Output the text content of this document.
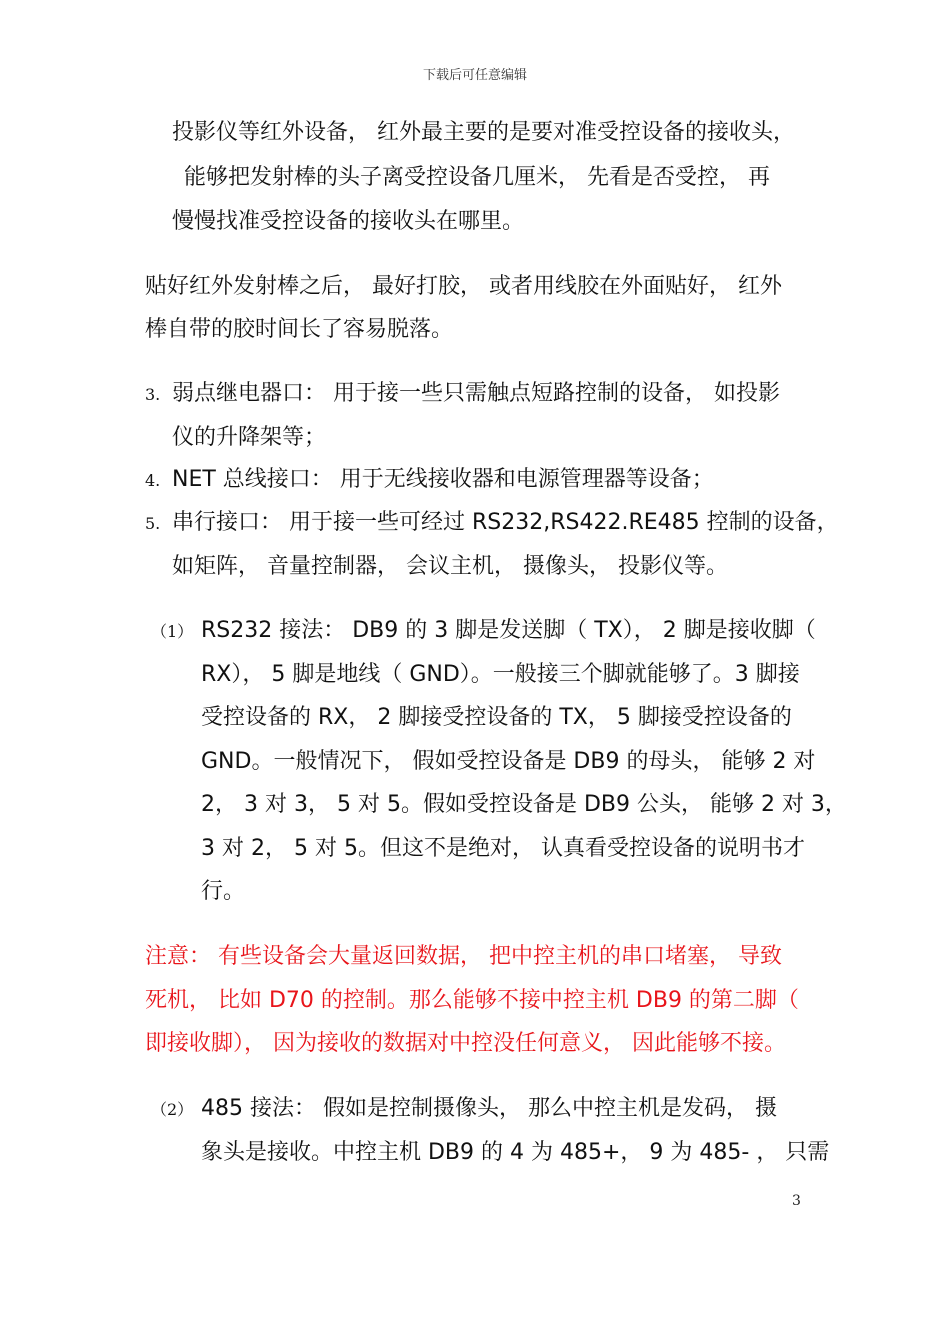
下载后可任意编辑
投影仪等红外设备， 红外最主要的是要对准受控设备的接收头，
能够把发射棒的头子离受控设备几厘米， 先看是否受控， 再
慢慢找准受控设备的接收头在哪里。
贴好红外发射棒之后， 最好打胶， 或者用线胶在外面贴好， 红外
棒自带的胶时间长了容易脱落。
3. 弱点继电器口： 用于接一些只需触点短路控制的设备， 如投影
仪的升降架等；
4. NET 总线接口： 用于无线接收器和电源管理器等设备；
5. 串行接口： 用于接一些可经过 RS232,RS422.RE485 控制的设备，
如矩阵， 音量控制器， 会议主机， 摄像头， 投影仪等。
（1） RS232 接法： DB9 的 3 脚是发送脚（ TX）， 2 脚是接收脚（
RX）， 5 脚是地线（ GND）。一般接三个脚就能够了。3 脚接
受控设备的 RX， 2 脚接受控设备的 TX， 5 脚接受控设备的
GND。一般情况下， 假如受控设备是 DB9 的母头， 能够 2 对
2， 3 对 3， 5 对 5。假如受控设备是 DB9 公头， 能够 2 对 3，
3 对 2， 5 对 5。但这不是绝对， 认真看受控设备的说明书才
行。
注意： 有些设备会大量返回数据， 把中控主机的串口堵塞， 导致
死机， 比如 D70 的控制。那么能够不接中控主机 DB9 的第二脚（
即接收脚）， 因为接收的数据对中控没任何意义， 因此能够不接。
（2） 485 接法： 假如是控制摄像头， 那么中控主机是发码， 摄
象头是接收。中控主机 DB9 的 4 为 485+， 9 为 485- ， 只需
3
